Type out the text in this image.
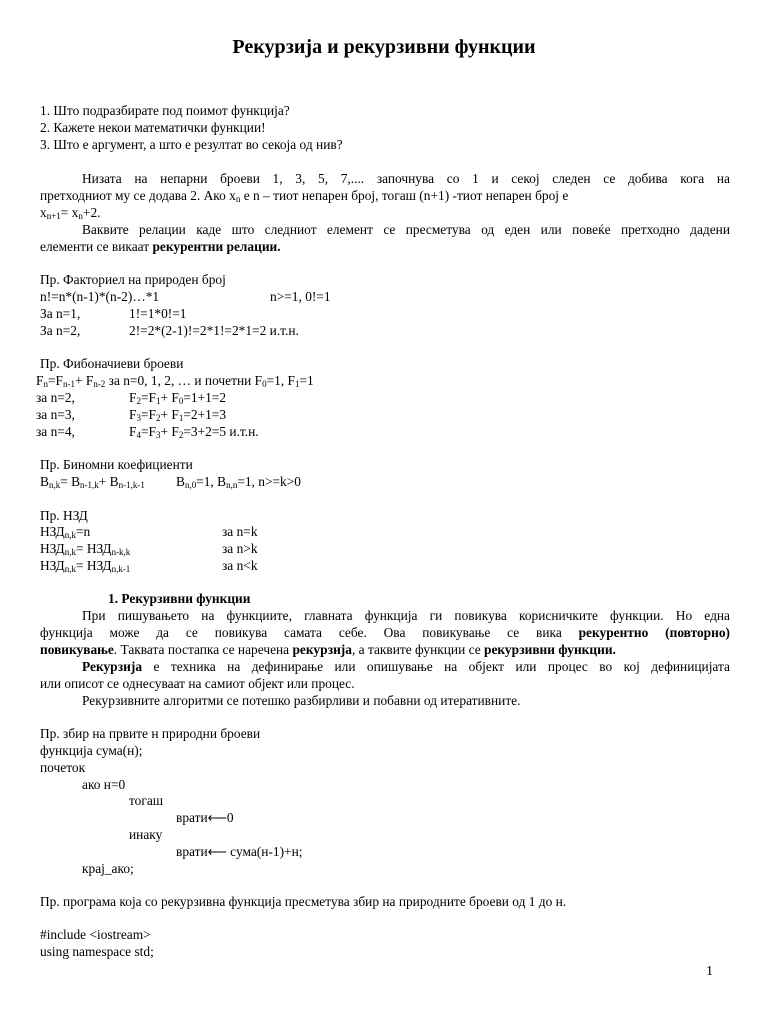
Рекурзија и рекурзивни функции
1. Што подразбирате под поимот функција?
2. Кажете некои математички функции!
3. Што е аргумент, а што е резултат во секоја од нив?
Низата на непарни броеви 1, 3, 5, 7,.... започнува со 1 и секој следен се добива кога на
претходниот му се додава 2. Ако $x_n$ е n – тиот непарен број, тогаш (n+1) -тиот непарен број е
$x_{n+1}= x_n+2$.
Ваквите релации каде што следниот елемент се пресметува од еден или повеќе претходно дадени
елементи се викаат рекурентни релации.
Пр. Факториел на природен број
n!=n*(n-1)*(n-2)…*1	n>=1, 0!=1
За n=1,	1!=1*0!=1
За n=2,	2!=2*(2-1)!=2*1!=2*1=2 и.т.н.
Пр. Фибоначиеви броеви
$F_n=F_{n-1}+ F_{n-2}$ за n=0, 1, 2, … и почетни $F_0=1$, $F_1=1$
за n=2,	$F_2=F_1+ F_0=1+1=2$
за n=3,	$F_3=F_2+ F_1=2+1=3$
за n=4,	$F_4=F_3+ F_2=3+2=5$ и.т.н.
Пр. Биномни коефициенти
$B_{n,k}= B_{n-1,k}+ B_{n-1,k-1}$ $B_{n,0}=1$, $B_{n,n}=1$, n>=k>0
Пр. НЗД
$НЗД_{n,k}=n$	за n=k
$НЗД_{n,k}= НЗД_{n-k,k}$	за n>k
$НЗД_{n,k}= НЗД_{n,k-1}$	за n<k
1. Рекурзивни функции
При пишувањето на функциите, главната функција ги повикува корисничките функции. Но една
функција може да се повикува самата себе. Ова повикување се вика рекурентно (повторно)
повикување. Таквата постапка се наречена рекурзија, а таквите функции се рекурзивни функции.
Рекурзија е техника на дефинирање или опишување на објект или процес во кој дефиницијата
или описот се однесуваат на самиот објект или процес.
Рекурзивните алгоритми се потешко разбирливи и побавни од итеративните.
Пр. збир на првите н природни броеви
функција сума(н);
почеток
ако н=0
тогаш
врати⟵0
инаку
врати⟵ сума(н-1)+н;
крај_ако;
Пр. програма која со рекурзивна функција пресметува збир на природните броеви од 1 до н.
#include <iostream>
using namespace std;
1
